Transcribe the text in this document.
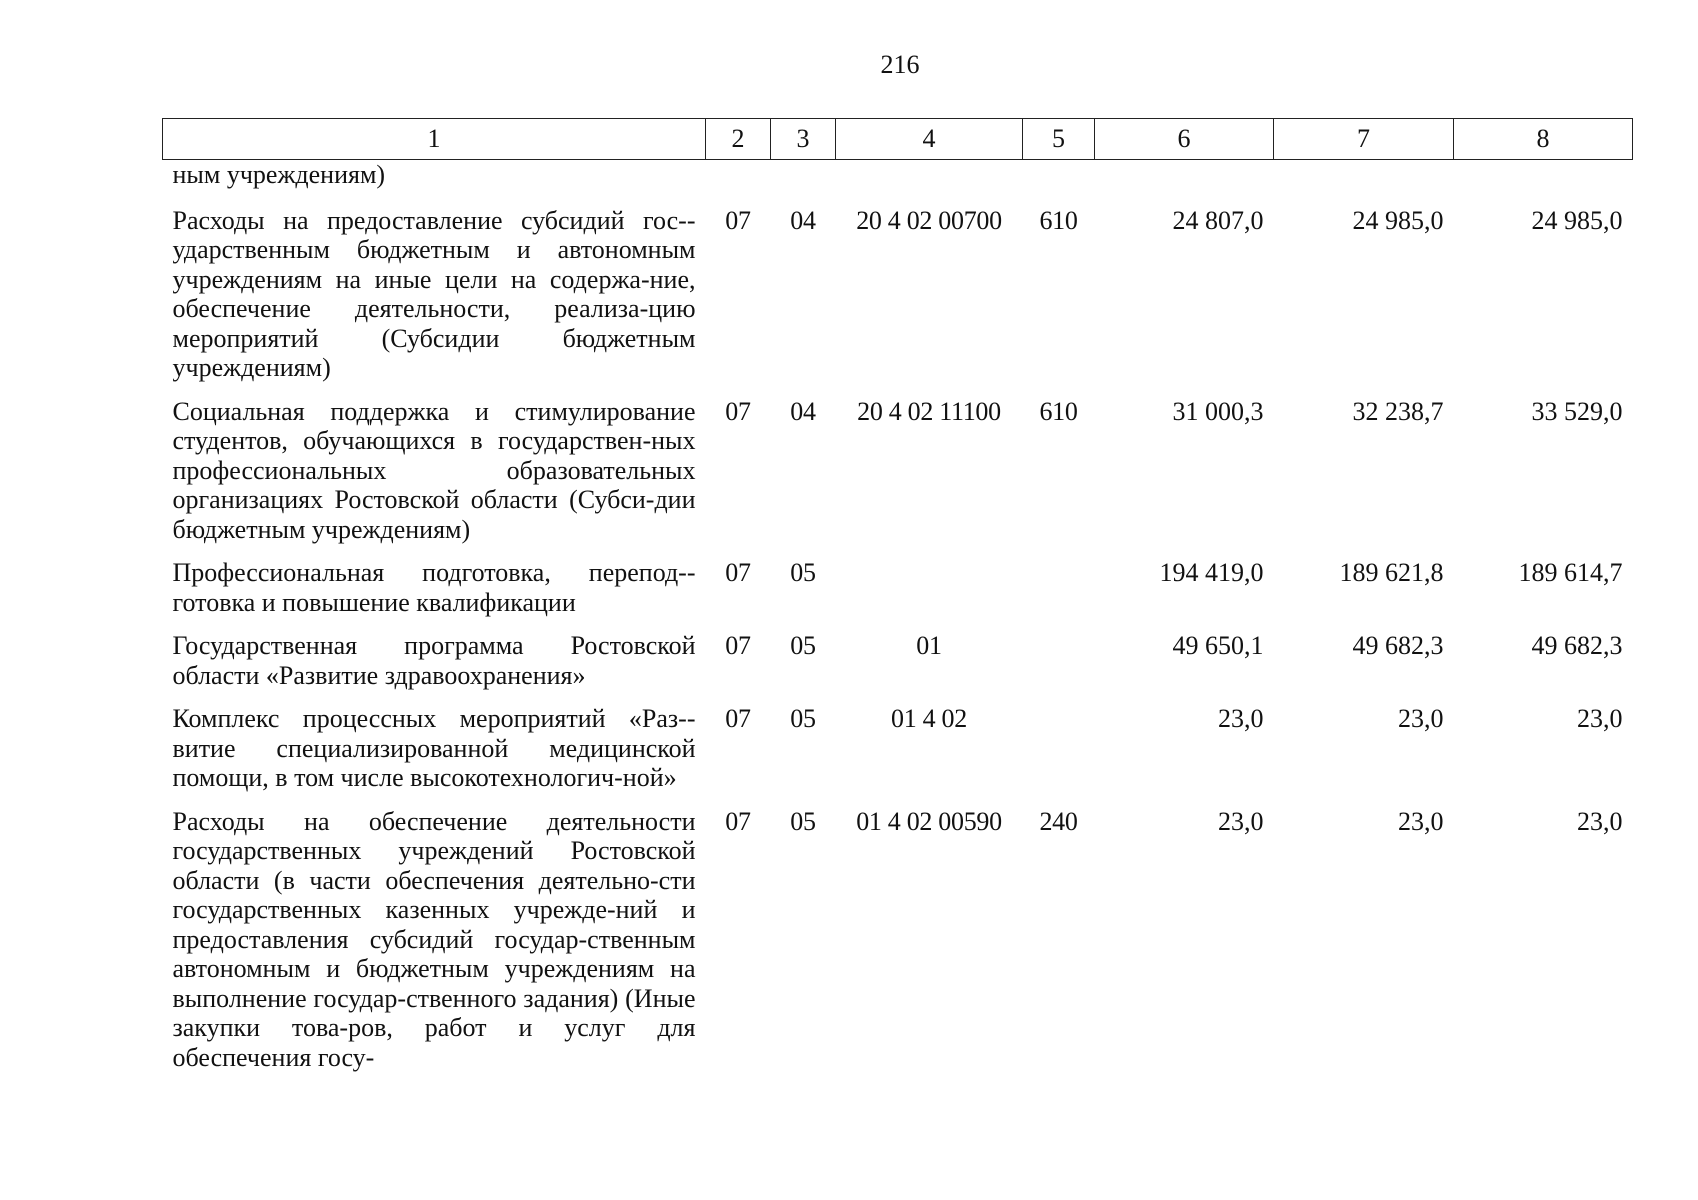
216
1	2	3	4	5	6	7	8
ным учреждениям)							
Расходы на предоставление субсидий гос-ударственным бюджетным и автономным учреждениям на иные цели на содержа-ние, обеспечение деятельности, реализа-цию мероприятий (Субсидии бюджетным учреждениям)	07	04	20 4 02 00700	610	24 807,0	24 985,0	24 985,0
Социальная поддержка и стимулирование студентов, обучающихся в государствен-ных профессиональных образовательных организациях Ростовской области (Субси-дии бюджетным учреждениям)	07	04	20 4 02 11100	610	31 000,3	32 238,7	33 529,0
Профессиональная подготовка, перепод-готовка и повышение квалификации	07	05			194 419,0	189 621,8	189 614,7
Государственная программа Ростовской области «Развитие здравоохранения»	07	05	01		49 650,1	49 682,3	49 682,3
Комплекс процессных мероприятий «Раз-витие специализированной медицинской помощи, в том числе высокотехнологич-ной»	07	05	01 4 02		23,0	23,0	23,0
Расходы на обеспечение деятельности государственных учреждений Ростовской области (в части обеспечения деятельно-сти государственных казенных учрежде-ний и предоставления субсидий государ-ственным автономным и бюджетным учреждениям на выполнение государ-ственного задания) (Иные закупки това-ров, работ и услуг для обеспечения госу-	07	05	01 4 02 00590	240	23,0	23,0	23,0
